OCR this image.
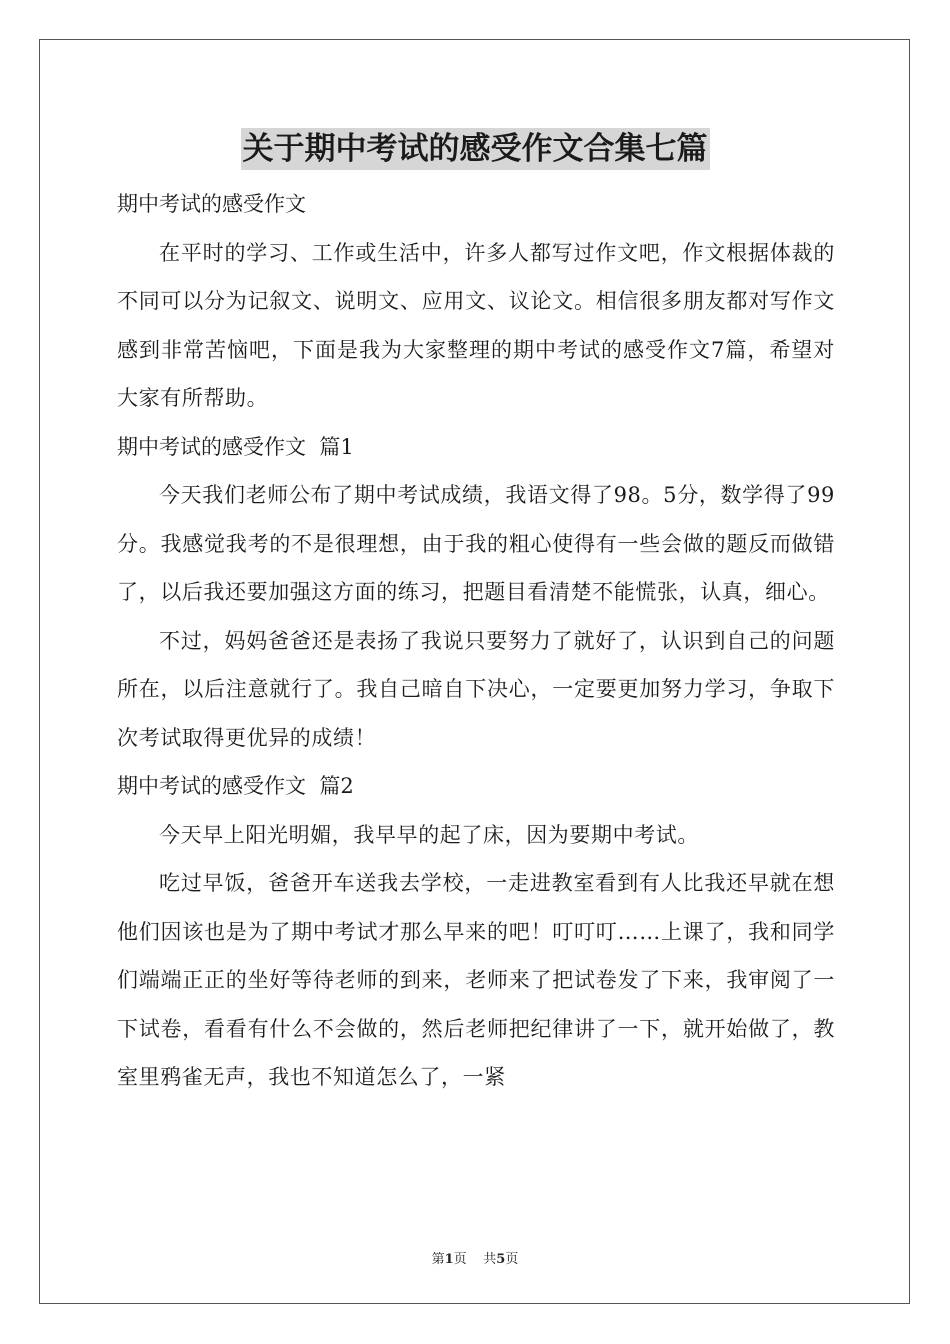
关于期中考试的感受作文合集七篇

期中考试的感受作文

在平时的学习、工作或生活中，许多人都写过作文吧，作文根据体裁的不同可以分为记叙文、说明文、应用文、议论文。相信很多朋友都对写作文感到非常苦恼吧，下面是我为大家整理的期中考试的感受作文7篇，希望对大家有所帮助。

期中考试的感受作文  篇1

今天我们老师公布了期中考试成绩，我语文得了98。5分，数学得了99分。我感觉我考的不是很理想，由于我的粗心使得有一些会做的题反而做错了，以后我还要加强这方面的练习，把题目看清楚不能慌张，认真，细心。

不过，妈妈爸爸还是表扬了我说只要努力了就好了，认识到自己的问题所在，以后注意就行了。我自己暗自下决心，一定要更加努力学习，争取下次考试取得更优异的成绩！

期中考试的感受作文  篇2

今天早上阳光明媚，我早早的起了床，因为要期中考试。

吃过早饭，爸爸开车送我去学校，一走进教室看到有人比我还早就在想他们因该也是为了期中考试才那么早来的吧！叮叮叮……上课了，我和同学们端端正正的坐好等待老师的到来，老师来了把试卷发了下来，我审阅了一下试卷，看看有什么不会做的，然后老师把纪律讲了一下，就开始做了，教室里鸦雀无声，我也不知道怎么了，一紧

第1页 共5页
